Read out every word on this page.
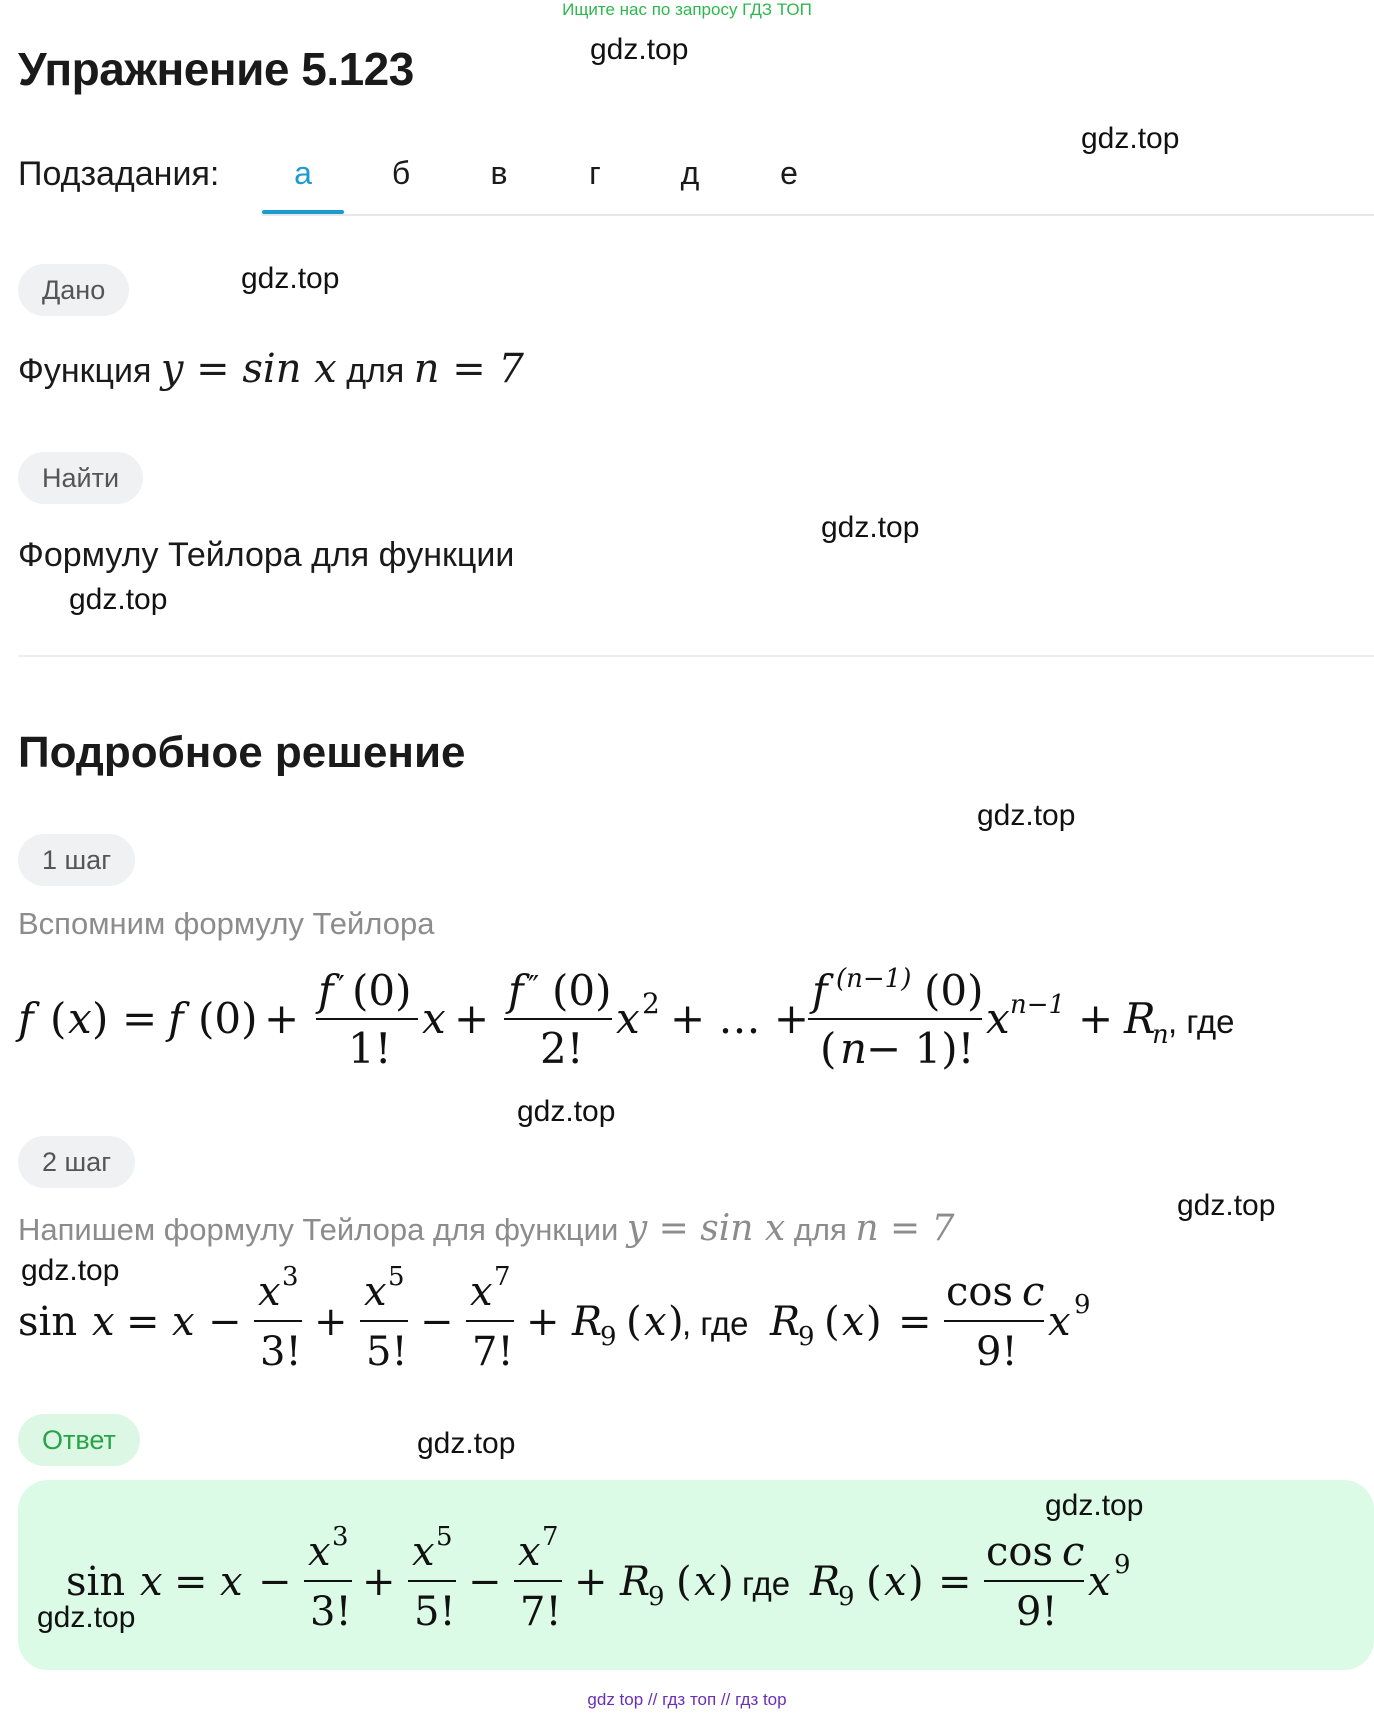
Ищите нас по запросу ГДЗ ТОП
gdz.top
gdz.top
gdz.top
gdz.top
gdz.top
gdz.top
gdz.top
gdz.top
gdz.top
gdz.top
Упражнение 5.123
Подзадания:	а	б	в	г	д	е
Дано
Функция y = sin x для n = 7
Найти
Формулу Тейлора для функции
Подробное решение
1 шаг
Вспомним формулу Тейлора
f ( x ) = f (0) +
f ′ (0)
1!
x +
f ″ (0)
2!
x 2 + … +
f (n−1) (0)
( n
− 1)!
x n−1 + R
n , где
2 шаг
Напишем формулу Тейлора для функции y = sin x для n = 7
sin x = x −
x 3
3!
+
x 5
5!
−
x 7
7!
+ R
9 ( x ) R
9 ( x ) =
cos c
9!
x 9
, где
Ответ
gdz.top
sin x = x −
x 3
3!
+
x 5
5!
−
x 7
7!
+ R
9 ( x ) R
9 ( x ) =
cos c
9!
x 9
где
gdz.top
gdz top // гдз топ // гдз top
